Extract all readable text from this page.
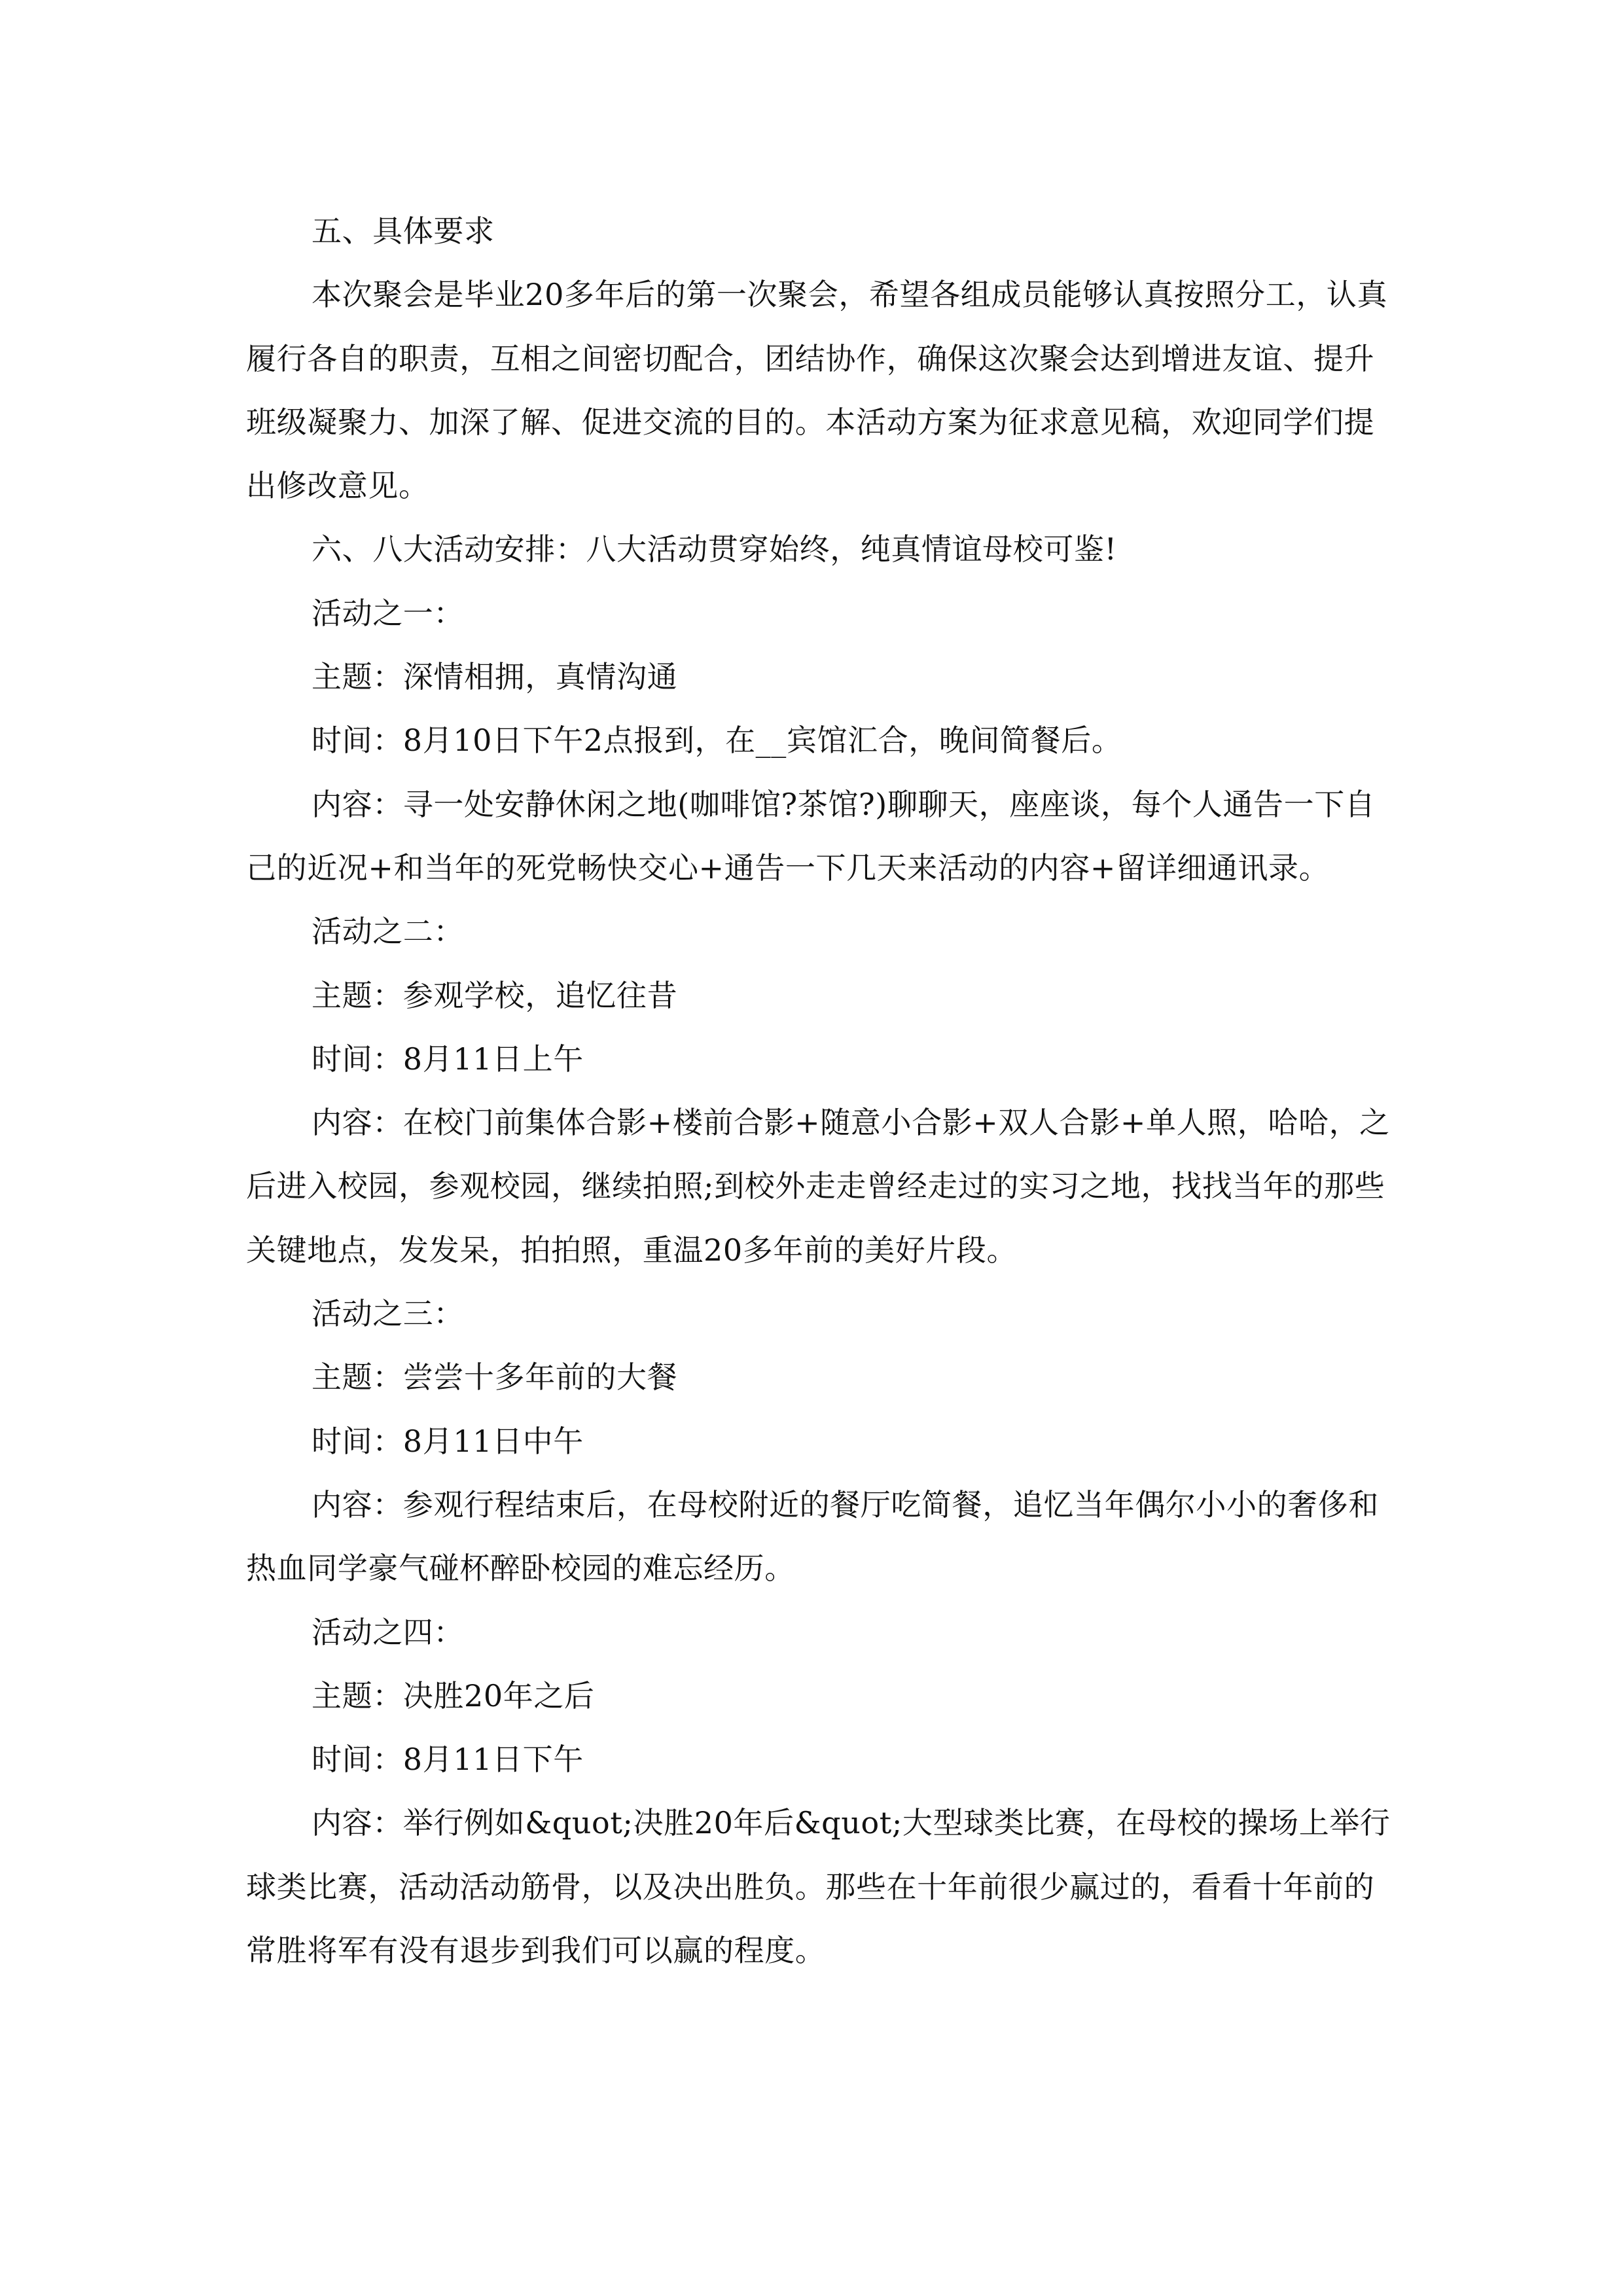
五、具体要求

本次聚会是毕业20多年后的第一次聚会，希望各组成员能够认真按照分工，认真履行各自的职责，互相之间密切配合，团结协作，确保这次聚会达到增进友谊、提升班级凝聚力、加深了解、促进交流的目的。本活动方案为征求意见稿，欢迎同学们提出修改意见。

六、八大活动安排：八大活动贯穿始终，纯真情谊母校可鉴!

活动之一：

主题：深情相拥，真情沟通

时间：8月10日下午2点报到，在__宾馆汇合，晚间简餐后。

内容：寻一处安静休闲之地(咖啡馆?茶馆?)聊聊天，座座谈，每个人通告一下自己的近况+和当年的死党畅快交心+通告一下几天来活动的内容+留详细通讯录。

活动之二：

主题：参观学校，追忆往昔

时间：8月11日上午

内容：在校门前集体合影+楼前合影+随意小合影+双人合影+单人照，哈哈，之后进入校园，参观校园，继续拍照;到校外走走曾经走过的实习之地，找找当年的那些关键地点，发发呆，拍拍照，重温20多年前的美好片段。

活动之三：

主题：尝尝十多年前的大餐

时间：8月11日中午

内容：参观行程结束后，在母校附近的餐厅吃简餐，追忆当年偶尔小小的奢侈和热血同学豪气碰杯醉卧校园的难忘经历。

活动之四：

主题：决胜20年之后

时间：8月11日下午

内容：举行例如&quot;决胜20年后&quot;大型球类比赛，在母校的操场上举行球类比赛，活动活动筋骨，以及决出胜负。那些在十年前很少赢过的，看看十年前的常胜将军有没有退步到我们可以赢的程度。
